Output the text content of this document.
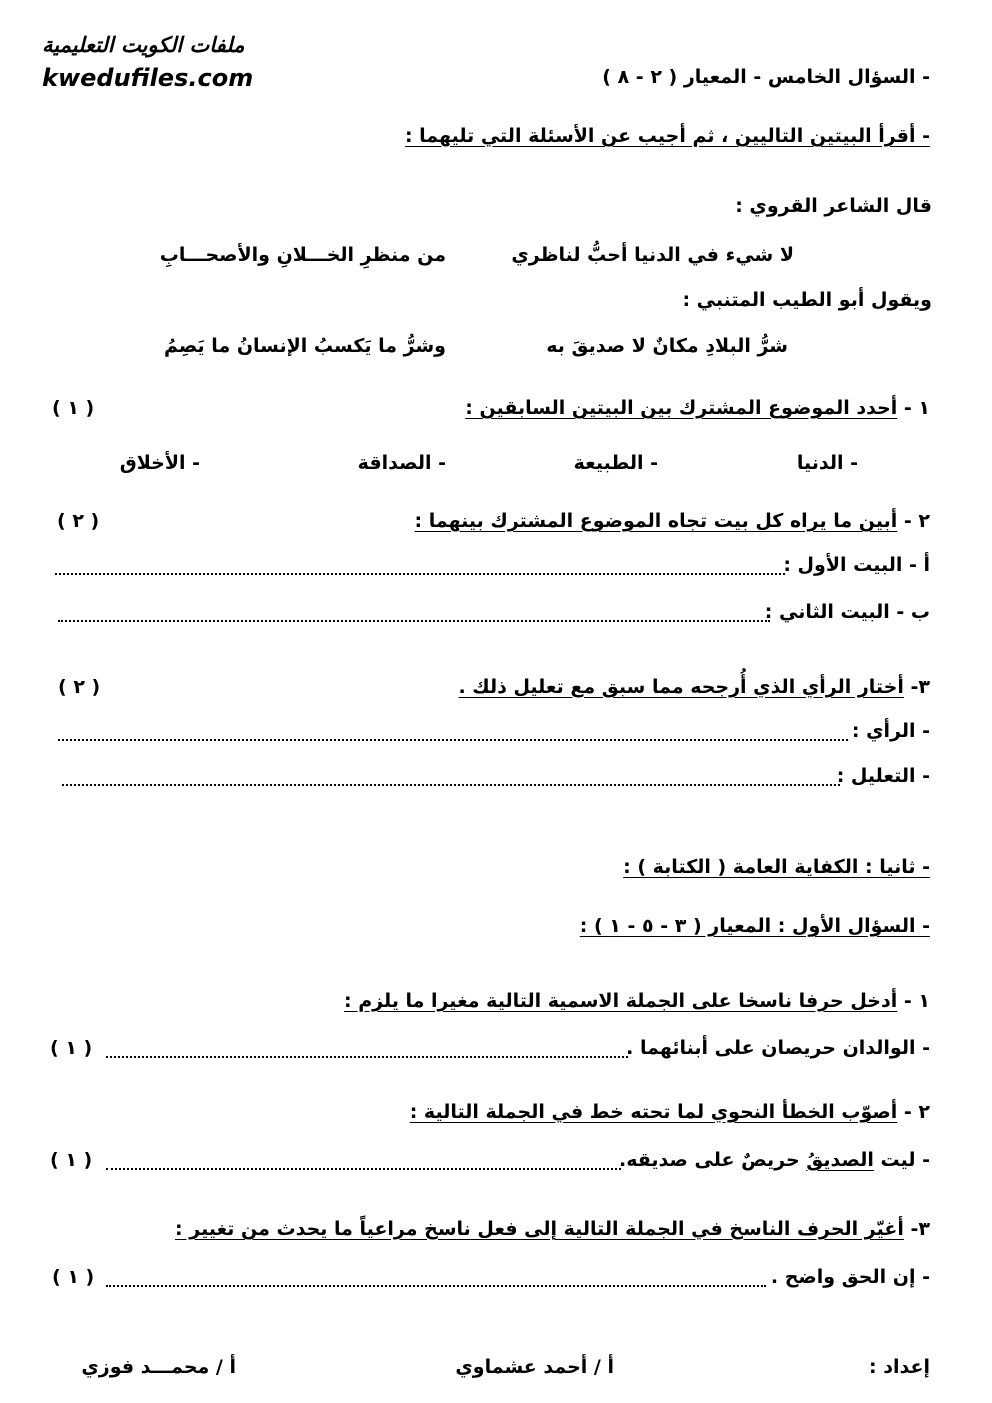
ملفات الكويت التعليمية
kwedufiles.com	- السؤال الخامس - المعيار ( ٢ - ٨ )
- أقرأ البيتين التاليين ، ثم أجيب عن الأسئلة التي تليهما :
قال الشاعر القروي :
لا شيء في الدنيا أحبُّ لناظري
من منظرِ الخـــلانِ والأصحـــابِ
ويقول أبو الطيب المتنبي :
شرُّ البلادِ مكانٌ لا صديقَ به
وشرُّ ما يَكسبُ الإنسانُ ما يَصِمُ
١ - أحدد الموضوع المشترك بين البيتين السابقين :
( ١ )
- الدنيا
- الطبيعة
- الصداقة
- الأخلاق
٢ - أبين ما يراه كل بيت تجاه الموضوع المشترك بينهما :
( ٢ )
أ - البيت الأول :
ب - البيت الثاني :
٣- أختار الرأي الذي أُرجحه مما سبق مع تعليل ذلك .
( ٢ )
- الرأي :
- التعليل :
- ثانيا : الكفاية العامة ( الكتابة ) :
- السؤال الأول : المعيار ( ٣ - ٥ - ١ ) :
١ - أدخل حرفا ناسخا على الجملة الاسمية التالية مغيرا ما يلزم :
- الوالدان حريصان على أبنائهما .
( ١ )
٢ - أصوّب الخطأ النحوي لما تحته خط في الجملة التالية :
- ليت الصديقُ حريصٌ على صديقه.
( ١ )
٣- أغيّر الحرف الناسخ في الجملة التالية إلى فعل ناسخ مراعياً ما يحدث من تغيير :
- إن الحق واضح .
( ١ )
إعداد :
أ / أحمد عشماوي
أ / محمـــد فوزي
